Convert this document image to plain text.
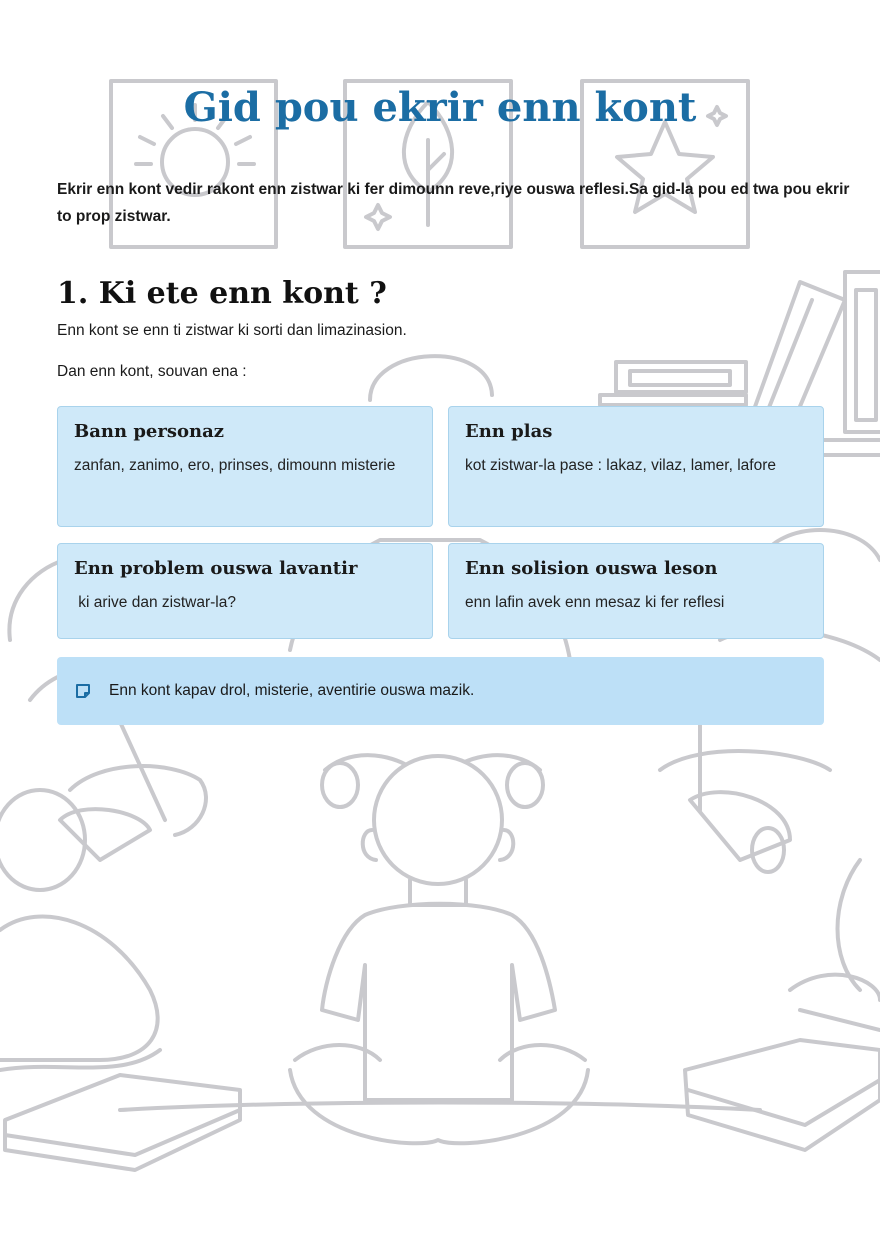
Gid pou ekrir enn kont

Ekrir enn kont vedir rakont enn zistwar ki fer dimounn reve,riye ouswa reflesi.Sa gid-la pou ed twa pou ekrir to prop zistwar.

1. Ki ete enn kont ?

Enn kont se enn ti zistwar ki sorti dan limazinasion.

Dan enn kont, souvan ena :

Bann personaz

zanfan, zanimo, ero, prinses, dimounn misterie

Enn plas

kot zistwar-la pase : lakaz, vilaz, lamer, lafore

Enn problem ouswa lavantir

ki arive dan zistwar-la?

Enn solision ouswa leson

enn lafin avek enn mesaz ki fer reflesi

Enn kont kapav drol, misterie, aventirie ouswa mazik.
